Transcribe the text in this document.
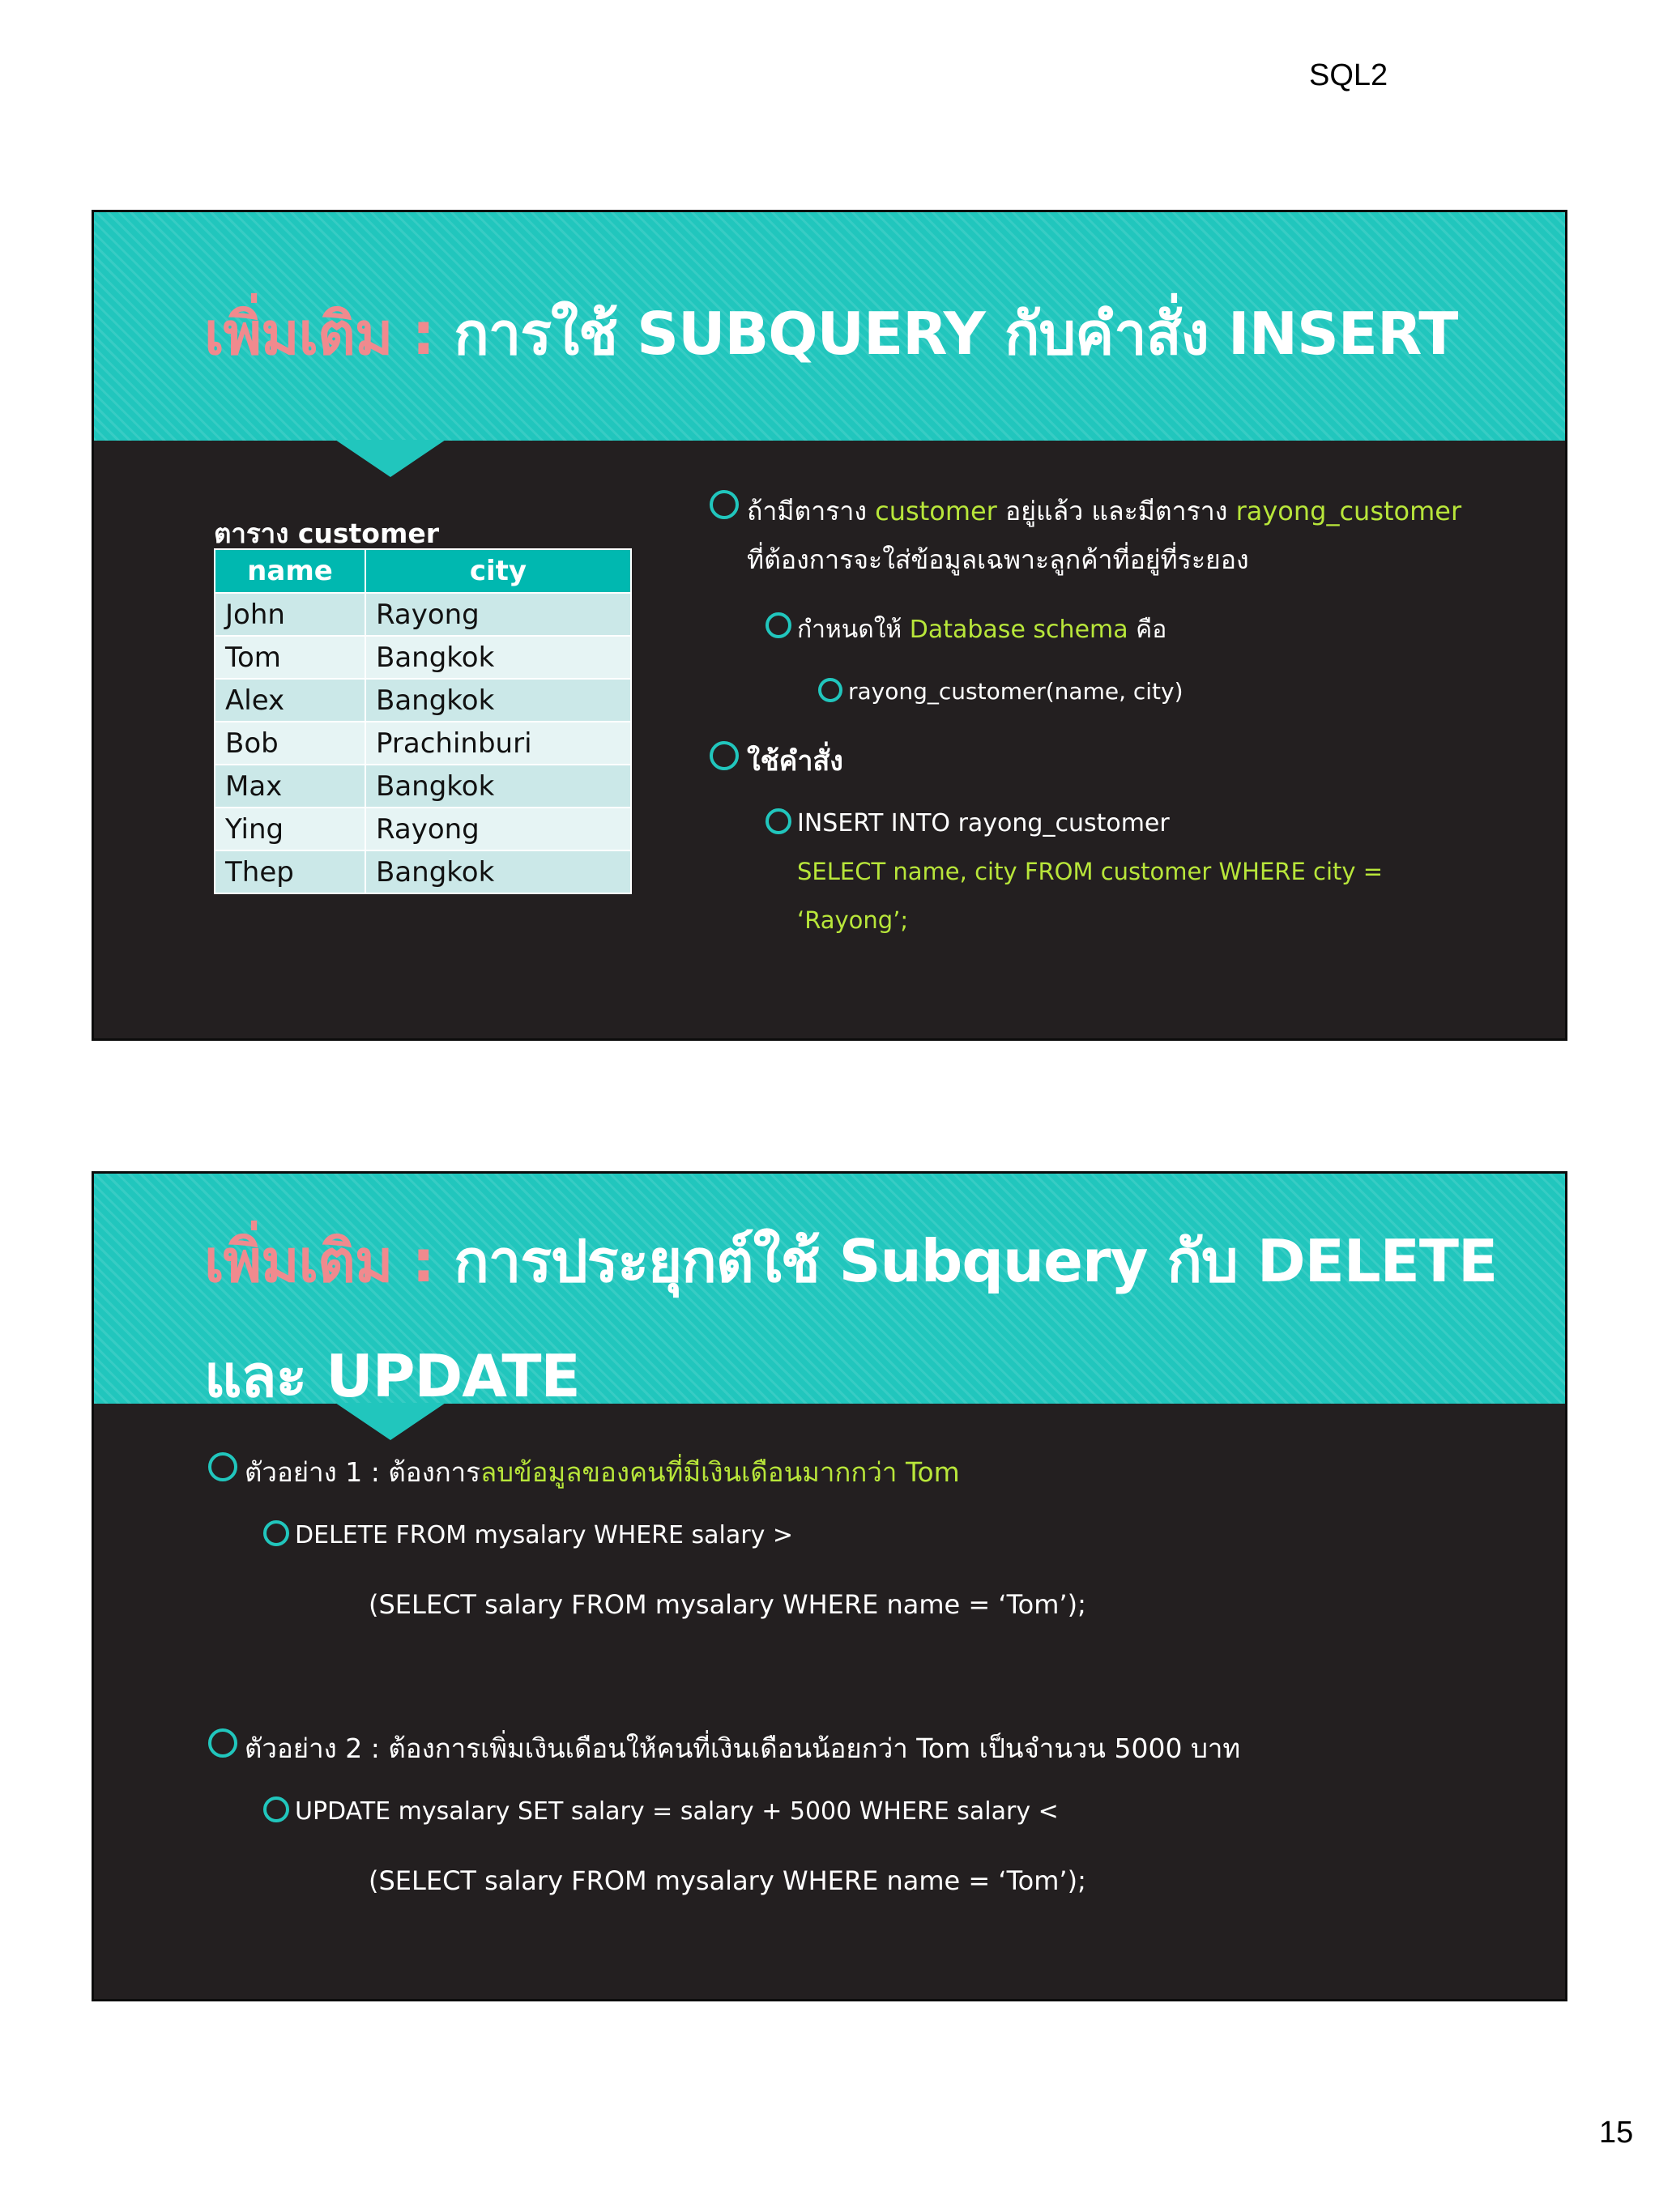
SQL2
เพิ่มเติม : การใช้ SUBQUERY กับคำสั่ง INSERT
ตาราง customer
name	city
John	Rayong
Tom	Bangkok
Alex	Bangkok
Bob	Prachinburi
Max	Bangkok
Ying	Rayong
Thep	Bangkok
ถ้ามีตาราง customer อยู่แล้ว และมีตาราง rayong_customer
ที่ต้องการจะใส่ข้อมูลเฉพาะลูกค้าที่อยู่ที่ระยอง
กำหนดให้ Database schema คือ
rayong_customer(name, city)
ใช้คำสั่ง
INSERT INTO rayong_customer
SELECT name, city FROM customer WHERE city =
‘Rayong’;
เพิ่มเติม : การประยุกต์ใช้ Subquery กับ DELETE
และ UPDATE
ตัวอย่าง 1 : ต้องการลบข้อมูลของคนที่มีเงินเดือนมากกว่า Tom
DELETE FROM mysalary WHERE salary >
(SELECT salary FROM mysalary WHERE name = ‘Tom’);
ตัวอย่าง 2 : ต้องการเพิ่มเงินเดือนให้คนที่เงินเดือนน้อยกว่า Tom เป็นจำนวน 5000 บาท
UPDATE mysalary SET salary = salary + 5000 WHERE salary <
(SELECT salary FROM mysalary WHERE name = ‘Tom’);
15
